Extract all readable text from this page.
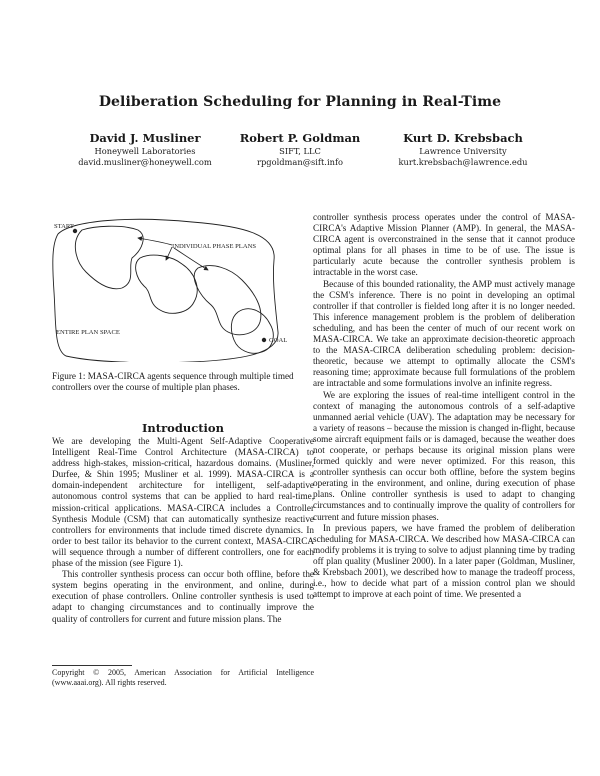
Deliberation Scheduling for Planning in Real-Time
David J. Musliner
Honeywell Laboratories
david.musliner@honeywell.com
Robert P. Goldman
SIFT, LLC
rpgoldman@sift.info
Kurt D. Krebsbach
Lawrence University
kurt.krebsbach@lawrence.edu
START
INDIVIDUAL PHASE PLANS
ENTIRE PLAN SPACE
GOAL
Figure 1: MASA-CIRCA agents sequence through multiple timed controllers over the course of multiple plan phases.
Introduction

We are developing the Multi-Agent Self-Adaptive Cooperative Intelligent Real-Time Control Architecture (MASA-CIRCA) to address high-stakes, mission-critical, hazardous domains. (Musliner, Durfee, & Shin 1995; Musliner et al. 1999). MASA-CIRCA is a domain-independent architecture for intelligent, self-adaptive autonomous control systems that can be applied to hard real-time, mission-critical applications. MASA-CIRCA includes a Controller Synthesis Module (CSM) that can automatically synthesize reactive controllers for environments that include timed discrete dynamics. In order to best tailor its behavior to the current context, MASA-CIRCA will sequence through a number of different controllers, one for each phase of the mission (see Figure 1).

This controller synthesis process can occur both offline, before the system begins operating in the environment, and online, during execution of phase controllers. Online controller synthesis is used to adapt to changing circumstances and to continually improve the quality of controllers for current and future mission plans. The

Copyright © 2005, American Association for Artificial Intelligence (www.aaai.org). All rights reserved.

controller synthesis process operates under the control of MASA-CIRCA's Adaptive Mission Planner (AMP). In general, the MASA-CIRCA agent is overconstrained in the sense that it cannot produce optimal plans for all phases in time to be of use. The issue is particularly acute because the controller synthesis problem is intractable in the worst case.

Because of this bounded rationality, the AMP must actively manage the CSM's inference. There is no point in developing an optimal controller if that controller is fielded long after it is no longer needed. This inference management problem is the problem of deliberation scheduling, and has been the center of much of our recent work on MASA-CIRCA. We take an approximate decision-theoretic approach to the MASA-CIRCA deliberation scheduling problem: decision-theoretic, because we attempt to optimally allocate the CSM's reasoning time; approximate because full formulations of the problem are intractable and some formulations involve an infinite regress.

We are exploring the issues of real-time intelligent control in the context of managing the autonomous controls of a self-adaptive unmanned aerial vehicle (UAV). The adaptation may be necessary for a variety of reasons – because the mission is changed in-flight, because some aircraft equipment fails or is damaged, because the weather does not cooperate, or perhaps because its original mission plans were formed quickly and were never optimized. For this reason, this controller synthesis can occur both offline, before the system begins operating in the environment, and online, during execution of phase plans. Online controller synthesis is used to adapt to changing circumstances and to continually improve the quality of controllers for current and future mission phases.

In previous papers, we have framed the problem of deliberation scheduling for MASA-CIRCA. We described how MASA-CIRCA can modify problems it is trying to solve to adjust planning time by trading off plan quality (Musliner 2000). In a later paper (Goldman, Musliner, & Krebsbach 2001), we described how to manage the tradeoff process, i.e., how to decide what part of a mission control plan we should attempt to improve at each point of time. We presented a
